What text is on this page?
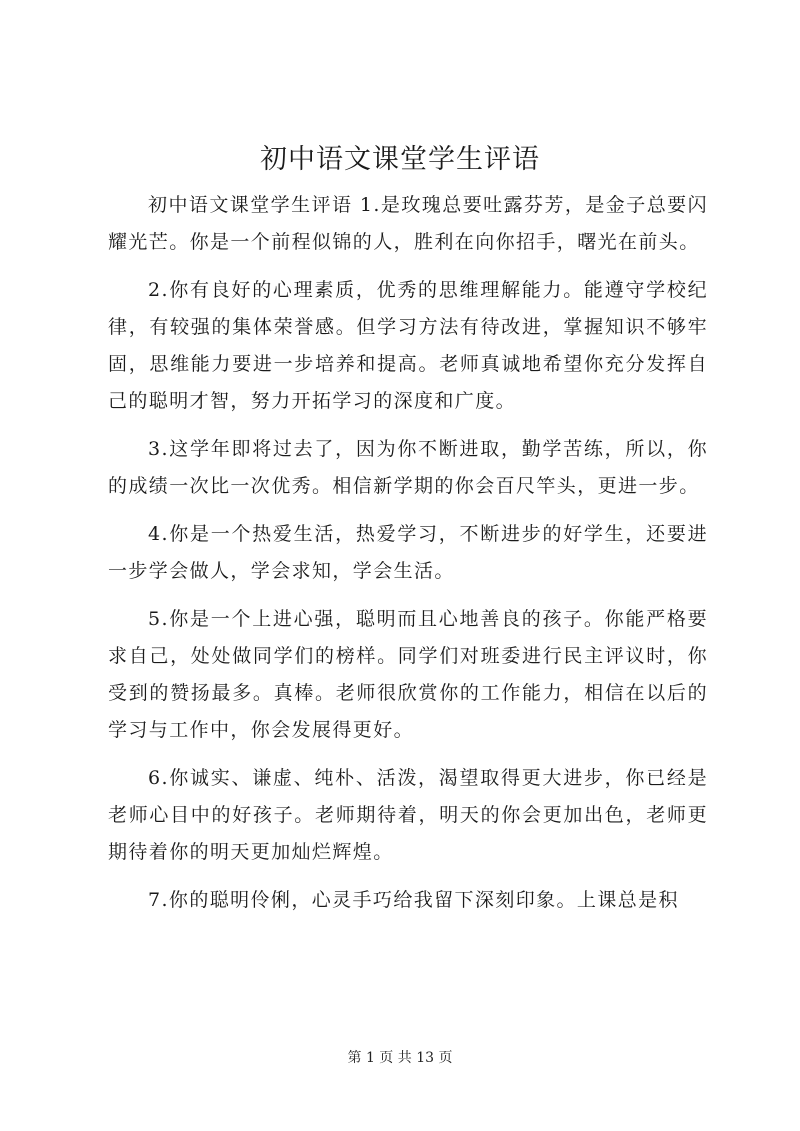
初中语文课堂学生评语

初中语文课堂学生评语 1.是玫瑰总要吐露芬芳，是金子总要闪耀光芒。你是一个前程似锦的人，胜利在向你招手，曙光在前头。

2.你有良好的心理素质，优秀的思维理解能力。能遵守学校纪律，有较强的集体荣誉感。但学习方法有待改进，掌握知识不够牢固，思维能力要进一步培养和提高。老师真诚地希望你充分发挥自己的聪明才智，努力开拓学习的深度和广度。

3.这学年即将过去了，因为你不断进取，勤学苦练，所以，你的成绩一次比一次优秀。相信新学期的你会百尺竿头，更进一步。

4.你是一个热爱生活，热爱学习，不断进步的好学生，还要进一步学会做人，学会求知，学会生活。

5.你是一个上进心强，聪明而且心地善良的孩子。你能严格要求自己，处处做同学们的榜样。同学们对班委进行民主评议时，你受到的赞扬最多。真棒。老师很欣赏你的工作能力，相信在以后的学习与工作中，你会发展得更好。

6.你诚实、谦虚、纯朴、活泼，渴望取得更大进步，你已经是老师心目中的好孩子。老师期待着，明天的你会更加出色，老师更期待着你的明天更加灿烂辉煌。

7.你的聪明伶俐，心灵手巧给我留下深刻印象。上课总是积

第 1 页 共 13 页
